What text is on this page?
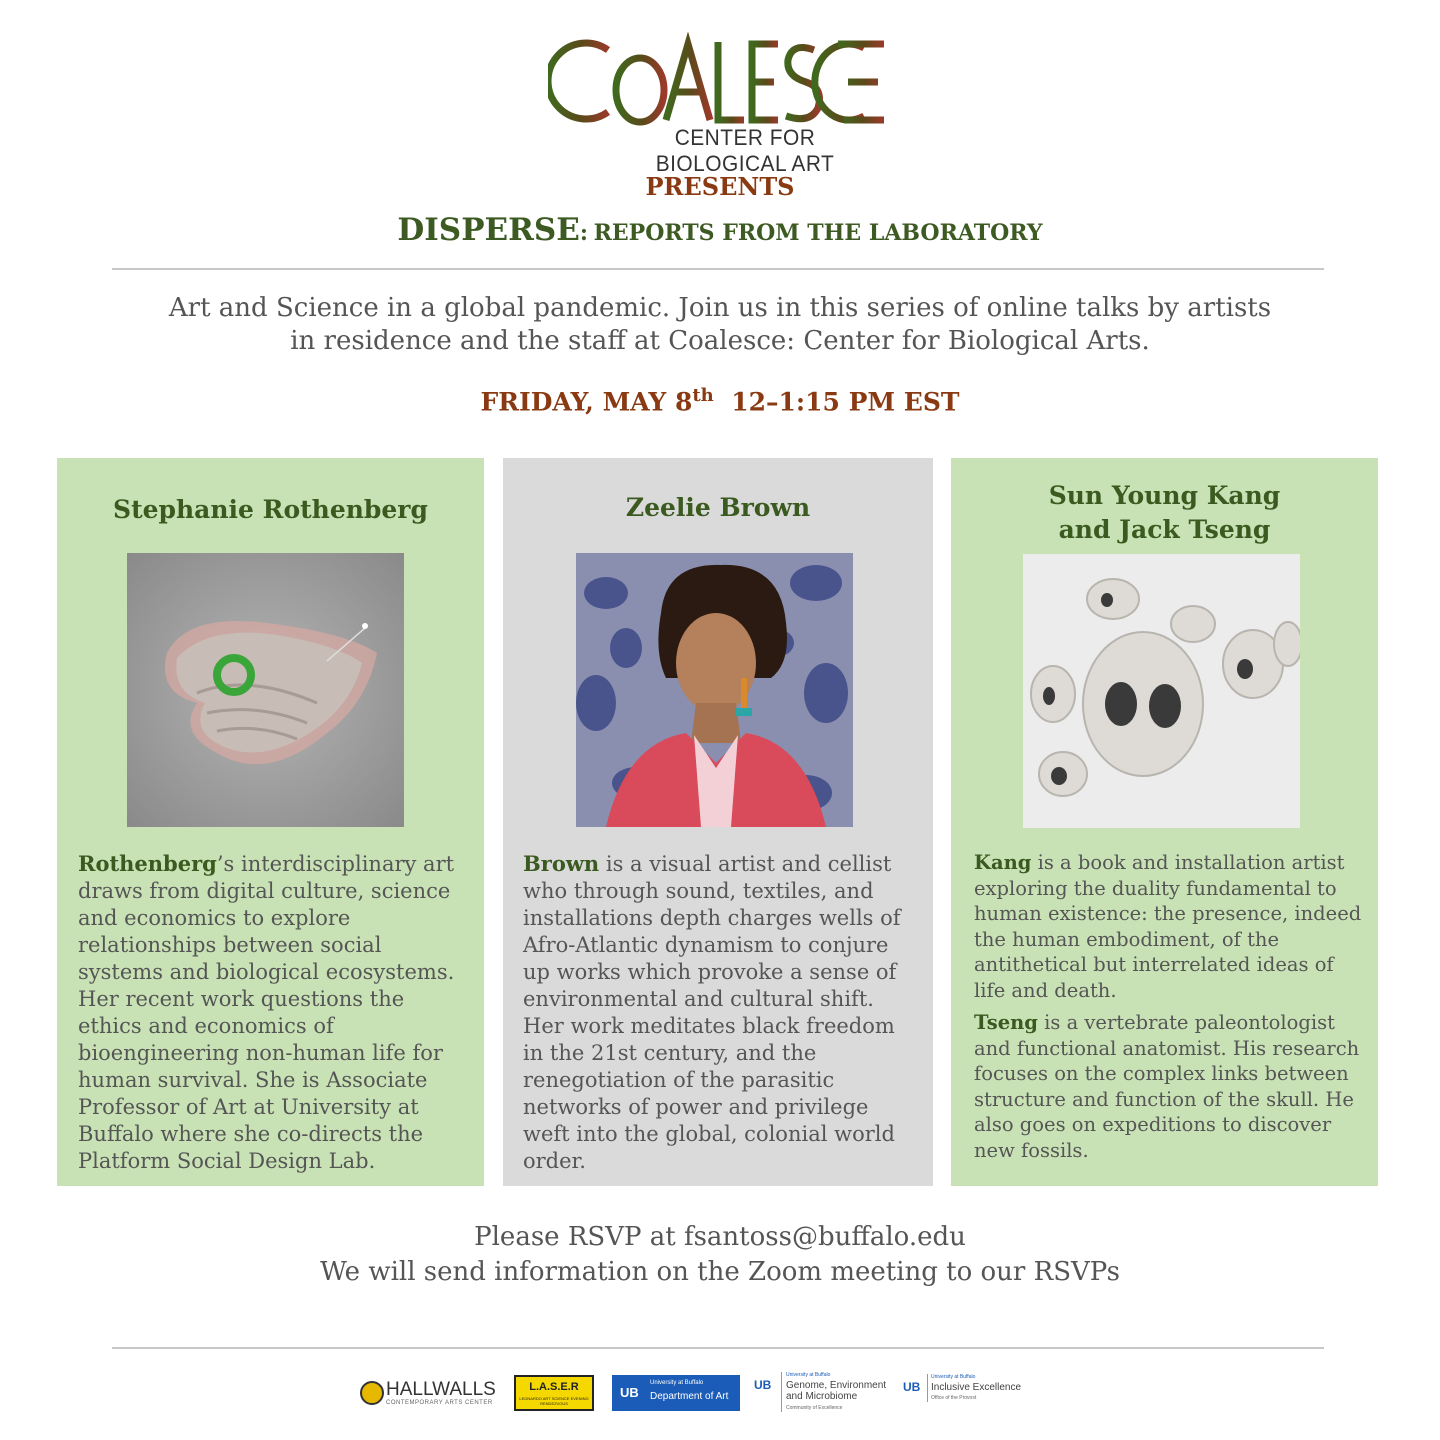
CENTER FOR BIOLOGICAL ART
PRESENTS
DISPERSE: REPORTS FROM THE LABORATORY
Art and Science in a global pandemic. Join us in this series of online talks by artists in residence and the staff at Coalesce: Center for Biological Arts.
FRIDAY, MAY 8th 12–1:15 PM EST
Stephanie Rothenberg
Rothenberg’s interdisciplinary art draws from digital culture, science and economics to explore relationships between social systems and biological ecosystems. Her recent work questions the ethics and economics of bioengineering non-human life for human survival. She is Associate Professor of Art at University at Buffalo where she co-directs the Platform Social Design Lab.
Zeelie Brown
Brown is a visual artist and cellist who through sound, textiles, and installations depth charges wells of Afro-Atlantic dynamism to conjure up works which provoke a sense of environmental and cultural shift. Her work meditates black freedom in the 21st century, and the renegotiation of the parasitic networks of power and privilege weft into the global, colonial world order.
Sun Young Kang
and Jack Tseng
Kang is a book and installation artist exploring the duality fundamental to human existence: the presence, indeed the human embodiment, of the antithetical but interrelated ideas of life and death.
Tseng is a vertebrate paleontologist and functional anatomist. His research focuses on the complex links between structure and function of the skull. He also goes on expeditions to discover new fossils.
Please RSVP at fsantoss@buffalo.edu
We will send information on the Zoom meeting to our RSVPs
HALLWALLS
CONTEMPORARY ARTS CENTER
L.A.S.E.R
LEONARDO ART SCIENCE EVENING RENDEZVOUS
UB
University at Buffalo
Department of Art
UB
University at Buffalo
Genome, Environment
and Microbiome
Community of Excellence
UB
University at Buffalo
Inclusive Excellence
Office of the Provost
